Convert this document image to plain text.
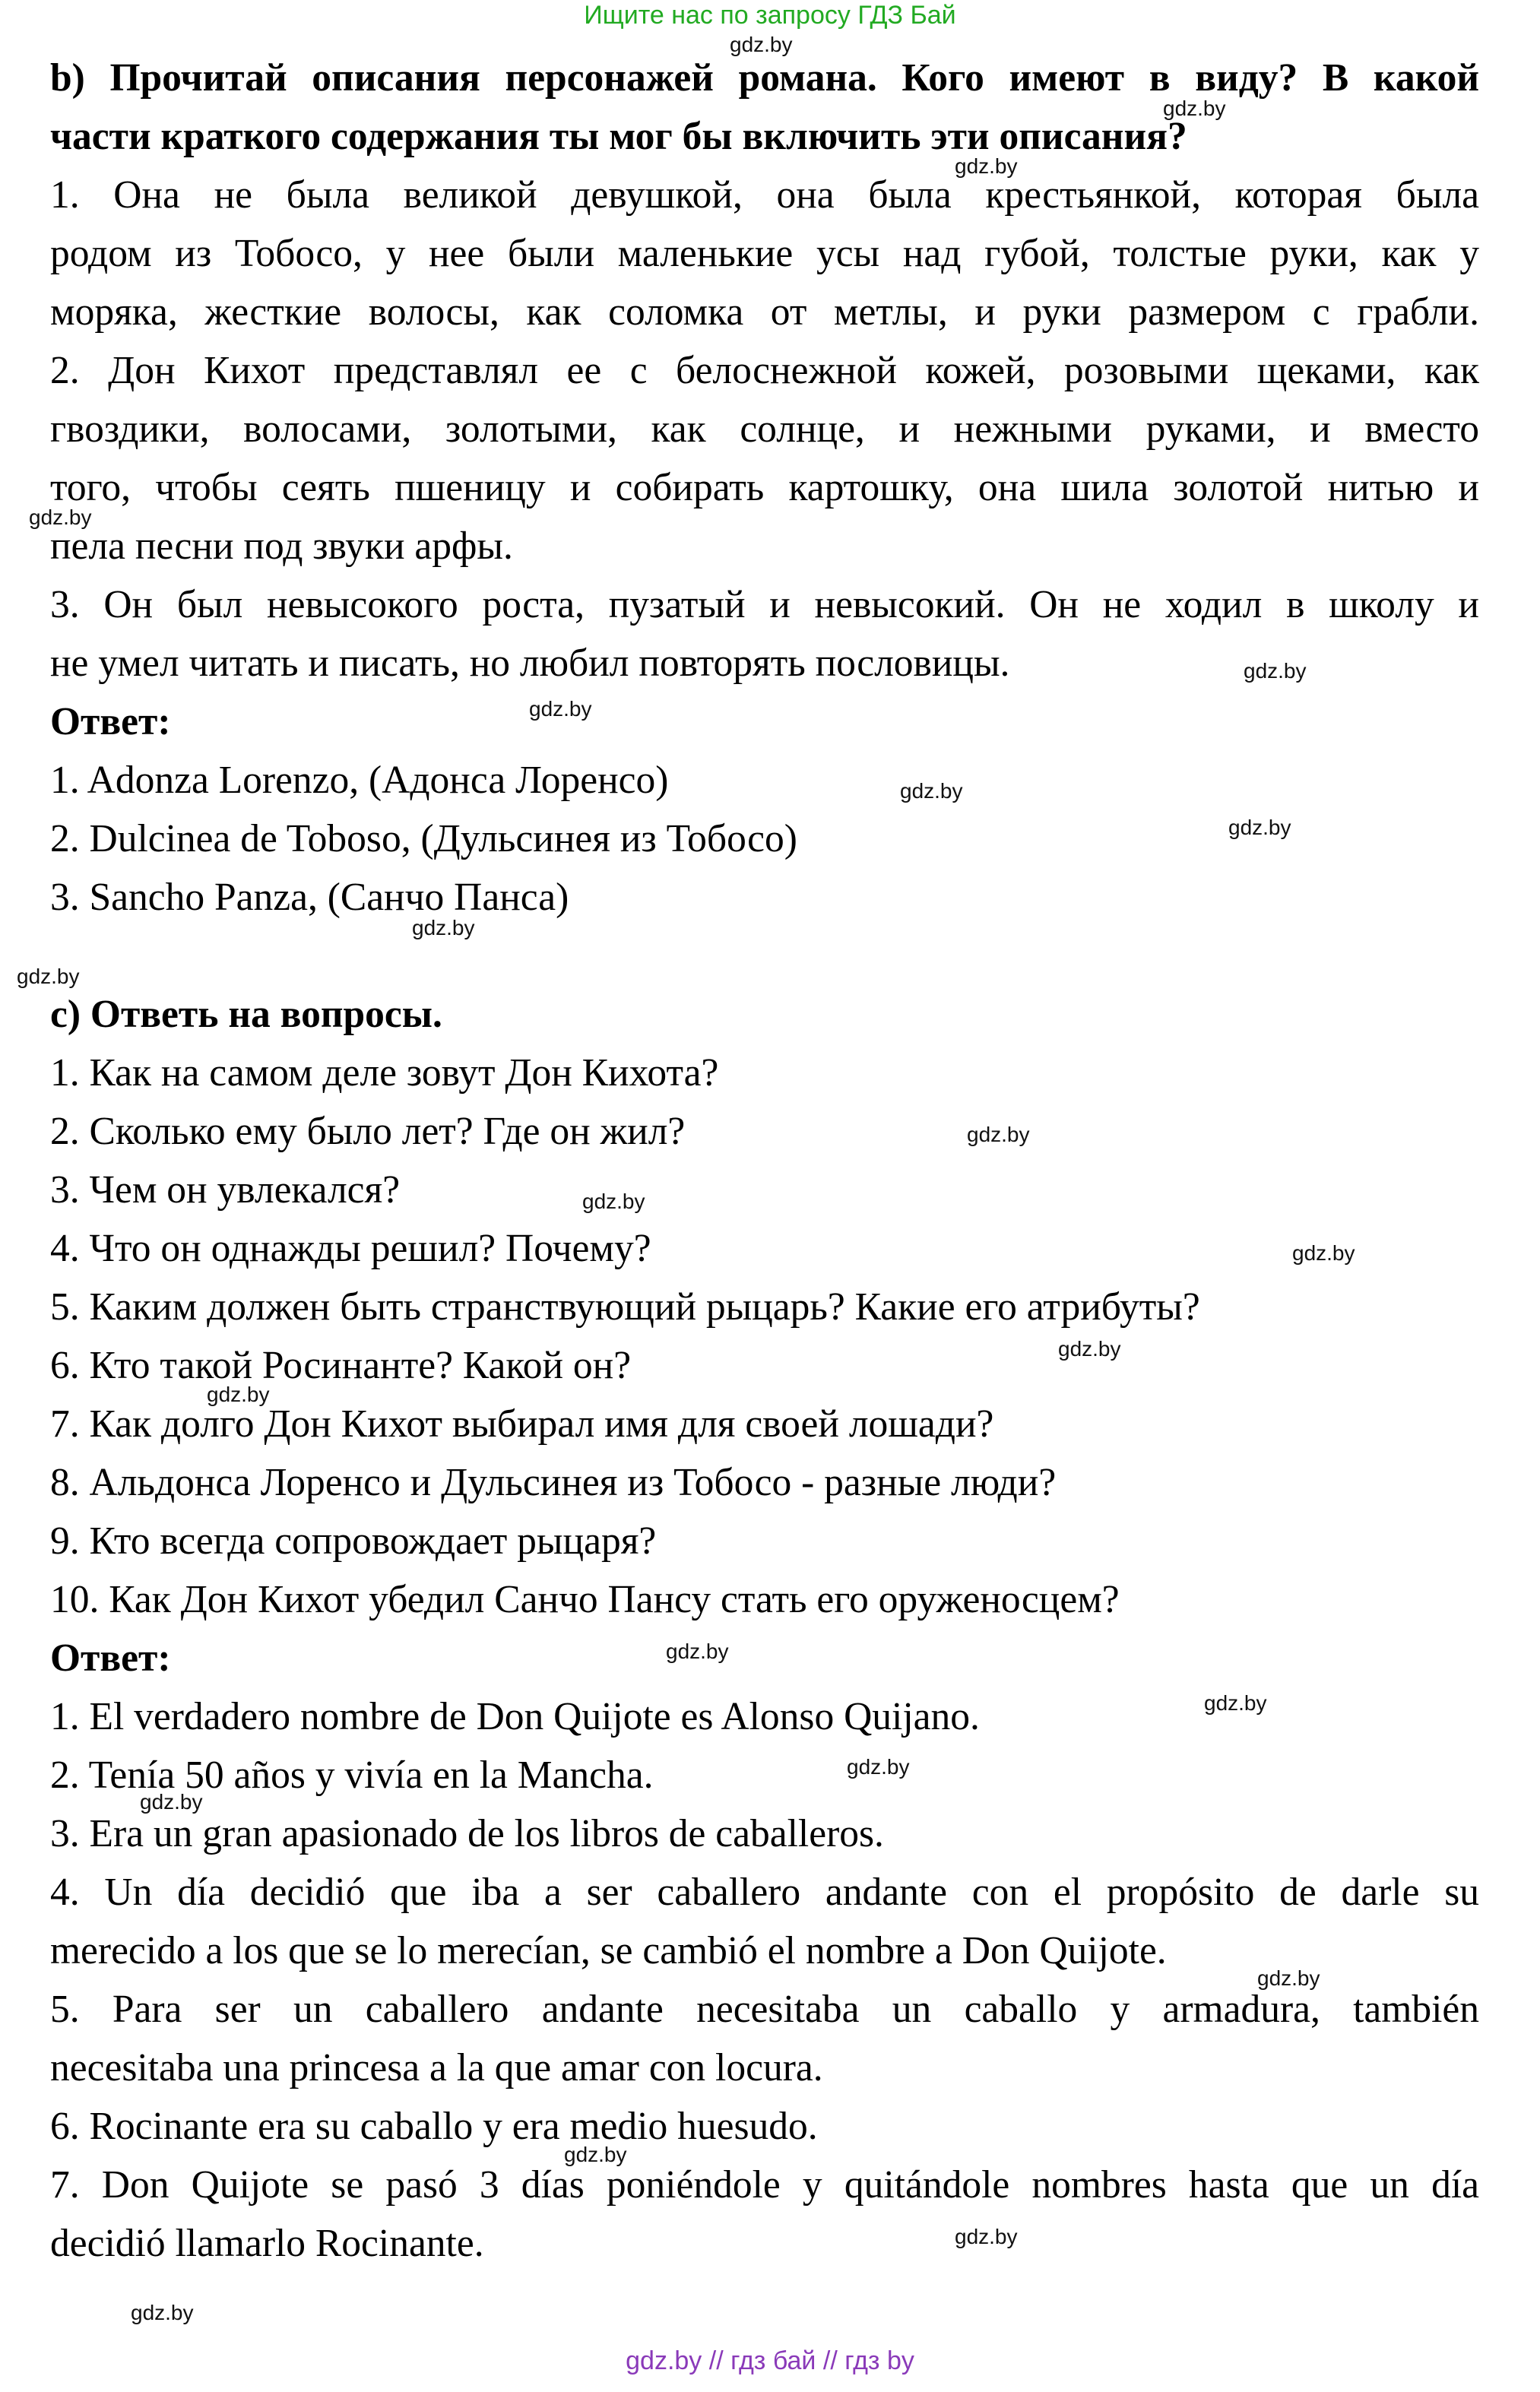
Ищите нас по запросу ГДЗ Бай
b) Прочитай описания персонажей романа. Кого имеют в виду? В какой
части краткого содержания ты мог бы включить эти описания?
1. Она не была великой девушкой, она была крестьянкой, которая была
родом из Тобосо, у нее были маленькие усы над губой, толстые руки, как у
моряка, жесткие волосы, как соломка от метлы, и руки размером с грабли.
2. Дон Кихот представлял ее с белоснежной кожей, розовыми щеками, как
гвоздики, волосами, золотыми, как солнце, и нежными руками, и вместо
того, чтобы сеять пшеницу и собирать картошку, она шила золотой нитью и
пела песни под звуки арфы.
3. Он был невысокого роста, пузатый и невысокий. Он не ходил в школу и
не умел читать и писать, но любил повторять пословицы.
Ответ:
1. Adonza Lorenzo, (Адонса Лоренсо)
2. Dulcinea de Toboso, (Дульсинея из Тобосо)
3. Sancho Panza, (Санчо Панса)
с) Ответь на вопросы.
1. Как на самом деле зовут Дон Кихота?
2. Сколько ему было лет? Где он жил?
3. Чем он увлекался?
4. Что он однажды решил? Почему?
5. Каким должен быть странствующий рыцарь? Какие его атрибуты?
6. Кто такой Росинанте? Какой он?
7. Как долго Дон Кихот выбирал имя для своей лошади?
8. Альдонса Лоренсо и Дульсинея из Тобосо - разные люди?
9. Кто всегда сопровождает рыцаря?
10. Как Дон Кихот убедил Санчо Пансу стать его оруженосцем?
Ответ:
1. El verdadero nombre de Don Quijote es Alonso Quijano.
2. Tenía 50 años y vivía en la Mancha.
3. Era un gran apasionado de los libros de caballeros.
4. Un día decidió que iba a ser caballero andante con el propósito de darle su
merecido a los que se lo merecían, se cambió el nombre a Don Quijote.
5. Para ser un caballero andante necesitaba un caballo y armadura, también
necesitaba una princesa a la que amar con locura.
6. Rocinante era su caballo y era medio huesudo.
7. Don Quijote se pasó 3 días poniéndole y quitándole nombres hasta que un día
decidió llamarlo Rocinante.
gdz.by
gdz.by
gdz.by
gdz.by
gdz.by
gdz.by
gdz.by
gdz.by
gdz.by
gdz.by
gdz.by
gdz.by
gdz.by
gdz.by
gdz.by
gdz.by
gdz.by
gdz.by
gdz.by
gdz.by
gdz.by
gdz.by
gdz.by
gdz.by // гдз бай // гдз by
